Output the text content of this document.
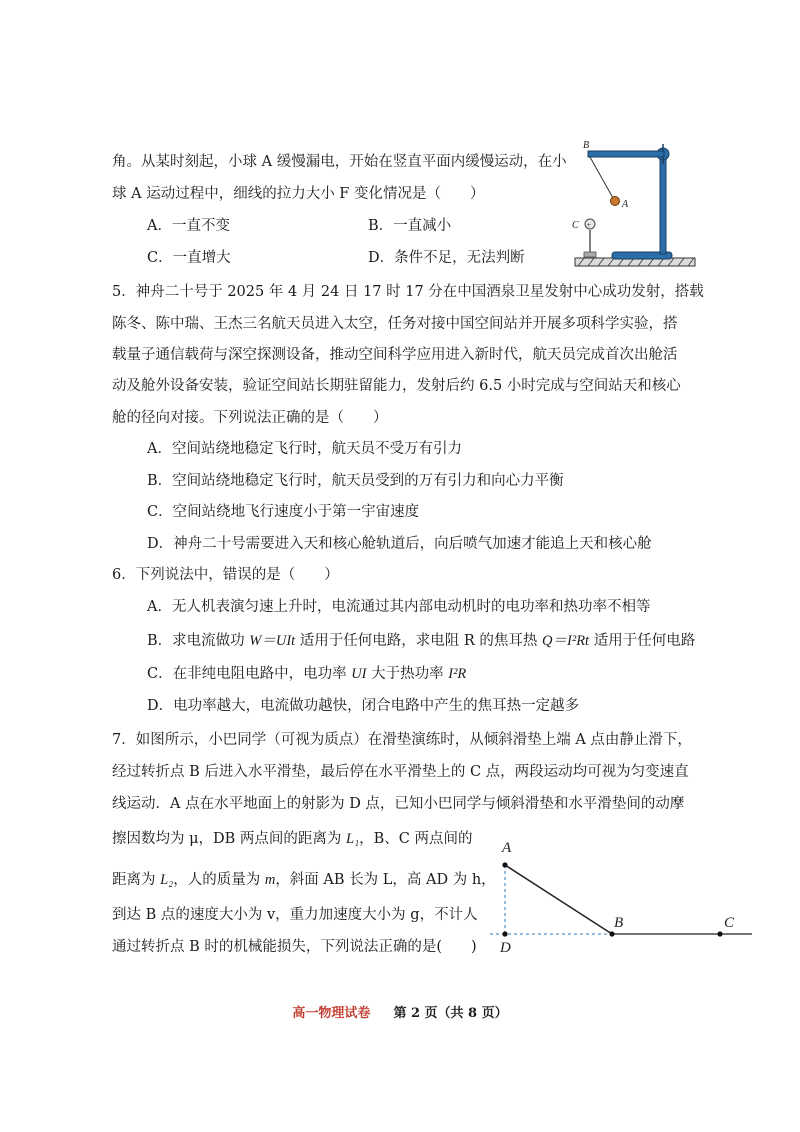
角。从某时刻起，小球 A 缓慢漏电，开始在竖直平面内缓慢运动，在小
球 A 运动过程中，细线的拉力大小 F 变化情况是（　　）
A．一直不变	B．一直减小
C．一直增大	D．条件不足，无法判断
+
B
A
C
5．神舟二十号于 2025 年 4 月 24 日 17 时 17 分在中国酒泉卫星发射中心成功发射，搭载
陈冬、陈中瑞、王杰三名航天员进入太空，任务对接中国空间站并开展多项科学实验，搭
载量子通信载荷与深空探测设备，推动空间科学应用进入新时代，航天员完成首次出舱活
动及舱外设备安装，验证空间站长期驻留能力，发射后约 6.5 小时完成与空间站天和核心
舱的径向对接。下列说法正确的是（　　）
A．空间站绕地稳定飞行时，航天员不受万有引力
B．空间站绕地稳定飞行时，航天员受到的万有引力和向心力平衡
C．空间站绕地飞行速度小于第一宇宙速度
D．神舟二十号需要进入天和核心舱轨道后，向后喷气加速才能追上天和核心舱
6．下列说法中，错误的是（　　）
A．无人机表演匀速上升时，电流通过其内部电动机时的电功率和热功率不相等
B．求电流做功 W＝UIt 适用于任何电路，求电阻 R 的焦耳热 Q＝I²Rt 适用于任何电路
C．在非纯电阻电路中，电功率 UI 大于热功率 I²R
D．电功率越大，电流做功越快，闭合电路中产生的焦耳热一定越多
7．如图所示，小巴同学（可视为质点）在滑垫演练时，从倾斜滑垫上端 A 点由静止滑下，
经过转折点 B 后进入水平滑垫，最后停在水平滑垫上的 C 点，两段运动均可视为匀变速直
线运动．A 点在水平地面上的射影为 D 点，已知小巴同学与倾斜滑垫和水平滑垫间的动摩
擦因数均为 μ，DB 两点间的距离为 L₁，B、C 两点间的
距离为 L₂，人的质量为 m，斜面 AB 长为 L，高 AD 为 h，
到达 B 点的速度大小为 v，重力加速度大小为 g，不计人
通过转折点 B 时的机械能损失，下列说法正确的是(　　)
A
B	C
D
高一物理试卷 第 2 页（共 8 页）
